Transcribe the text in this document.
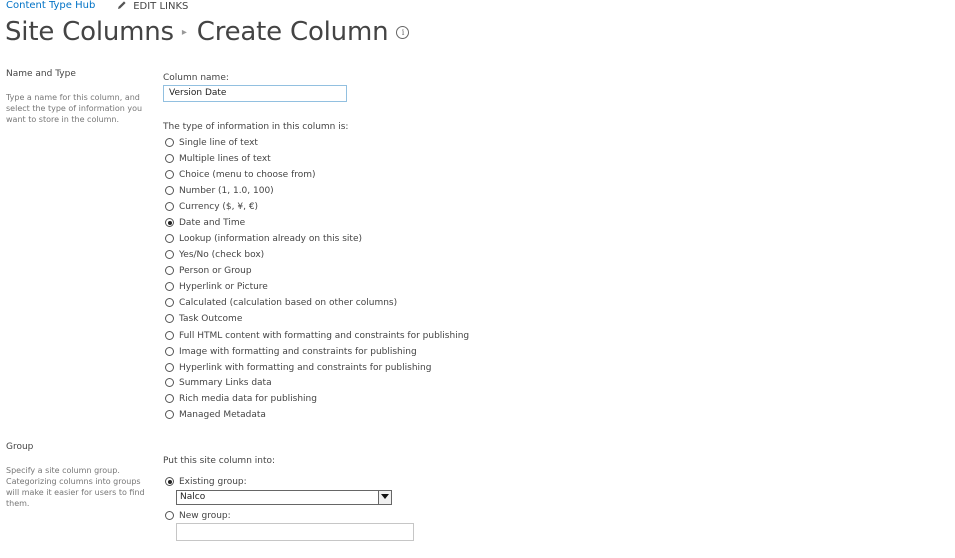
Content Type Hub	EDIT LINKS
Site Columns ▸ Create Column i
Name and Type
Type a name for this column, and select the type of information you want to store in the column.
Column name:
Version Date
The type of information in this column is:
Single line of text
Multiple lines of text
Choice (menu to choose from)
Number (1, 1.0, 100)
Currency ($, ¥, €)
Date and Time
Lookup (information already on this site)
Yes/No (check box)
Person or Group
Hyperlink or Picture
Calculated (calculation based on other columns)
Task Outcome
Full HTML content with formatting and constraints for publishing
Image with formatting and constraints for publishing
Hyperlink with formatting and constraints for publishing
Summary Links data
Rich media data for publishing
Managed Metadata
Group
Specify a site column group. Categorizing columns into groups will make it easier for users to find them.
Put this site column into:
Existing group:
Nalco
New group:
